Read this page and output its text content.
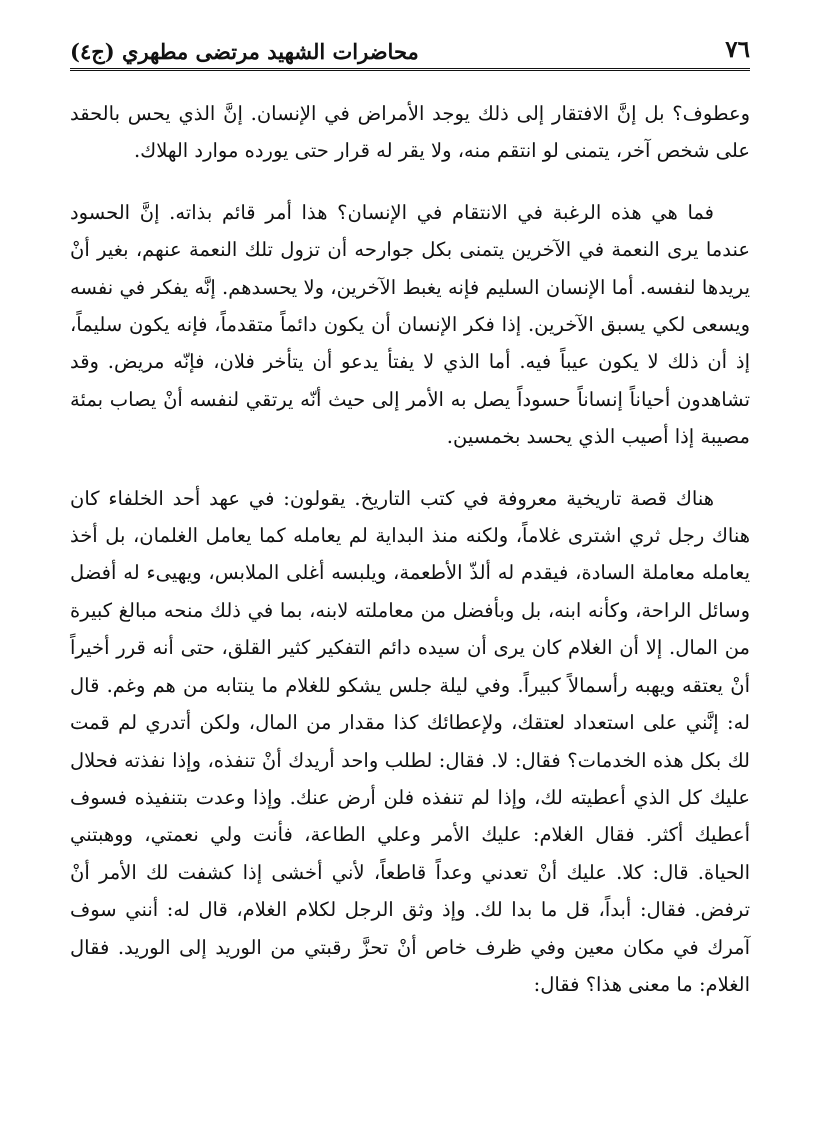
٧٦
محاضرات الشهيد مرتضى مطهري (ج٤)

وعطوف؟ بل إنَّ الافتقار إلى ذلك يوجد الأمراض في الإنسان. إنَّ الذي يحس بالحقد على شخص آخر، يتمنى لو انتقم منه، ولا يقر له قرار حتى يورده موارد الهلاك.

فما هي هذه الرغبة في الانتقام في الإنسان؟ هذا أمر قائم بذاته. إنَّ الحسود عندما يرى النعمة في الآخرين يتمنى بكل جوارحه أن تزول تلك النعمة عنهم، بغير أنْ يريدها لنفسه. أما الإنسان السليم فإنه يغبط الآخرين، ولا يحسدهم. إنَّه يفكر في نفسه ويسعى لكي يسبق الآخرين. إذا فكر الإنسان أن يكون دائماً متقدماً، فإنه يكون سليماً، إذ أن ذلك لا يكون عيباً فيه. أما الذي لا يفتأ يدعو أن يتأخر فلان، فإنّه مريض. وقد تشاهدون أحياناً إنساناً حسوداً يصل به الأمر إلى حيث أنّه يرتقي لنفسه أنْ يصاب بمئة مصيبة إذا أصيب الذي يحسد بخمسين.

هناك قصة تاريخية معروفة في كتب التاريخ. يقولون: في عهد أحد الخلفاء كان هناك رجل ثري اشترى غلاماً، ولكنه منذ البداية لم يعامله كما يعامل الغلمان، بل أخذ يعامله معاملة السادة، فيقدم له ألذّ الأطعمة، ويلبسه أغلى الملابس، ويهيىء له أفضل وسائل الراحة، وكأنه ابنه، بل وبأفضل من معاملته لابنه، بما في ذلك منحه مبالغ كبيرة من المال. إلا أن الغلام كان يرى أن سيده دائم التفكير كثير القلق، حتى أنه قرر أخيراً أنْ يعتقه ويهبه رأسمالاً كبيراً. وفي ليلة جلس يشكو للغلام ما ينتابه من هم وغم. قال له: إنَّني على استعداد لعتقك، ولإعطائك كذا مقدار من المال، ولكن أتدري لم قمت لك بكل هذه الخدمات؟ فقال: لا. فقال: لطلب واحد أريدك أنْ تنفذه، وإذا نفذته فحلال عليك كل الذي أعطيته لك، وإذا لم تنفذه فلن أرض عنك. وإذا وعدت بتنفيذه فسوف أعطيك أكثر. فقال الغلام: عليك الأمر وعلي الطاعة، فأنت ولي نعمتي، ووهبتني الحياة. قال: كلا. عليك أنْ تعدني وعداً قاطعاً، لأني أخشى إذا كشفت لك الأمر أنْ ترفض. فقال: أبداً، قل ما بدا لك. وإذ وثق الرجل لكلام الغلام، قال له: أنني سوف آمرك في مكان معين وفي ظرف خاص أنْ تحزَّ رقبتي من الوريد إلى الوريد. فقال الغلام: ما معنى هذا؟ فقال:
